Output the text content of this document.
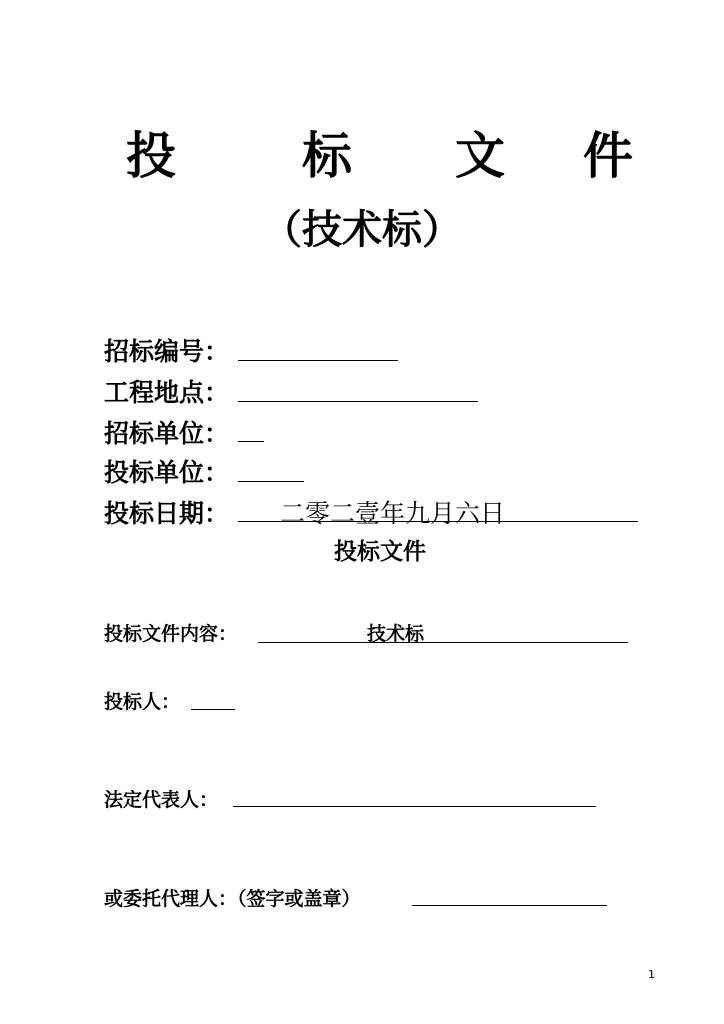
投	标 文 件
（技术标）
招标编号：
工程地点：
招标单位：
投标单位：
投标日期： 二零二壹年九月六日
投标文件
投标文件内容：	技术标
投标人：
法定代表人：
或委托代理人：（签字或盖章）
1
